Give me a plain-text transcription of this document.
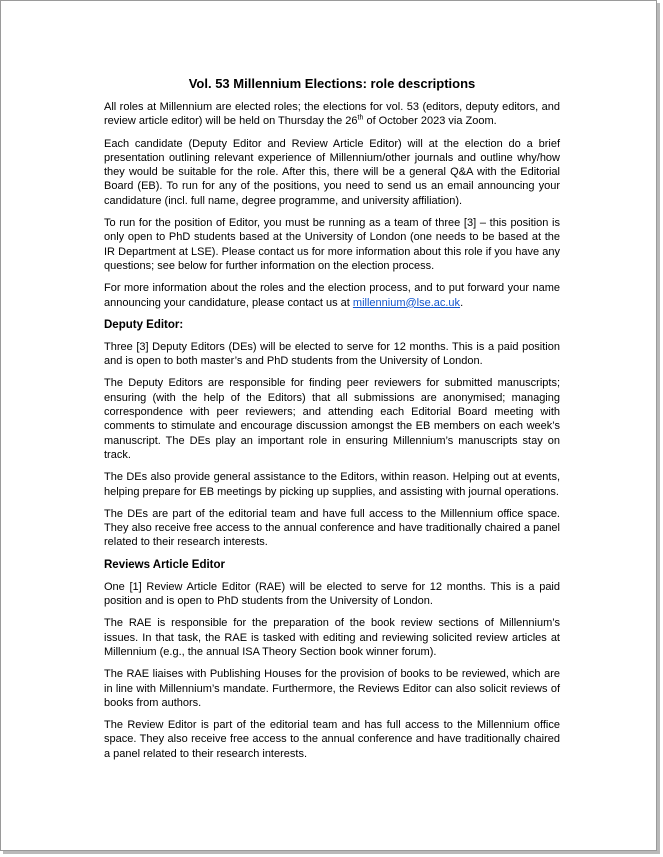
Vol. 53 Millennium Elections: role descriptions

All roles at Millennium are elected roles; the elections for vol. 53 (editors, deputy editors, and review article editor) will be held on Thursday the 26th of October 2023 via Zoom.

Each candidate (Deputy Editor and Review Article Editor) will at the election do a brief presentation outlining relevant experience of Millennium/other journals and outline why/how they would be suitable for the role. After this, there will be a general Q&A with the Editorial Board (EB). To run for any of the positions, you need to send us an email announcing your candidature (incl. full name, degree programme, and university affiliation).

To run for the position of Editor, you must be running as a team of three [3] – this position is only open to PhD students based at the University of London (one needs to be based at the IR Department at LSE). Please contact us for more information about this role if you have any questions; see below for further information on the election process.

For more information about the roles and the election process, and to put forward your name announcing your candidature, please contact us at millennium@lse.ac.uk.

Deputy Editor:

Three [3] Deputy Editors (DEs) will be elected to serve for 12 months. This is a paid position and is open to both master’s and PhD students from the University of London.

The Deputy Editors are responsible for finding peer reviewers for submitted manuscripts; ensuring (with the help of the Editors) that all submissions are anonymised; managing correspondence with peer reviewers; and attending each Editorial Board meeting with comments to stimulate and encourage discussion amongst the EB members on each week’s manuscript. The DEs play an important role in ensuring Millennium’s manuscripts stay on track.

The DEs also provide general assistance to the Editors, within reason. Helping out at events, helping prepare for EB meetings by picking up supplies, and assisting with journal operations.

The DEs are part of the editorial team and have full access to the Millennium office space. They also receive free access to the annual conference and have traditionally chaired a panel related to their research interests.

Reviews Article Editor

One [1] Review Article Editor (RAE) will be elected to serve for 12 months. This is a paid position and is open to PhD students from the University of London.

The RAE is responsible for the preparation of the book review sections of Millennium’s issues. In that task, the RAE is tasked with editing and reviewing solicited review articles at Millennium (e.g., the annual ISA Theory Section book winner forum).

The RAE liaises with Publishing Houses for the provision of books to be reviewed, which are in line with Millennium’s mandate. Furthermore, the Reviews Editor can also solicit reviews of books from authors.

The Review Editor is part of the editorial team and has full access to the Millennium office space. They also receive free access to the annual conference and have traditionally chaired a panel related to their research interests.
